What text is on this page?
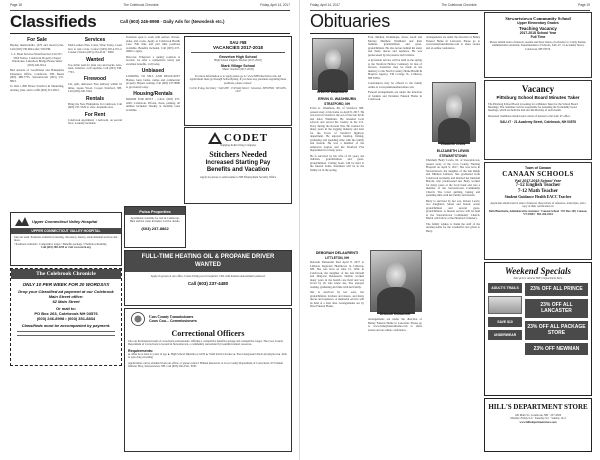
Page 18	The Colebrook Chronicle	Friday, April 14, 2017
Classifieds	Call (603) 246-8998 · Daily Ads for (Newsdesk etc.)
For Sale
Buying memorabilia, (479 and motorcycles. Call (603) 538-6924 after 5:00 PM.
L.L. Bean Services Waterfront Inc/Call 237-5364 Notice, Colebrook Property Chapel Warehouse. Lakeshore Bridge House Seller (603) 246-3014.
Bud Awards of Goodfriend and Hampshire Extension Office, Colebrook, NH. Meets (603) 488-7733. Stewartstown (603) 237-8823.
To Dial 1-800 Phone Stratford In Marketing, nursing, plan, and to refill (603) 315-0012.
Services
Mail Leaders Plus. Coins, Wine Today, Learn how to rent a ride. Contact (603) 265-4133 or Connect Station (603) 234-4124 · 3000.
Wanted
Top dollar paid for junk cars and trucks. Also, steel, batteries. Call anytime. Call (603) 538-7791.
Firewood
Cut, split, delivered. Free delivery within 10 miles. Green Wood. Cooper Stratford, NH. Call (603) 246-3344.
Rentals
Bring the New Hampshire In Colebrook. Call (603) 237-5529 to view. Available now.
For Rent
Colebrook Apartment, 1 bedroom, on second floor. Laundry included.
Positions open to work with seniors. Nurses, aides, and cooks. Apply at Colebrook Health Care. Full time and part time positions available. Benefits included. Call (603) 237-4960 to apply.
Discover. Wherever a quality position is located, we offer a competitive salary and excellent benefits. Call today.
Unbiased
LOOKING TO SELL AND RELOCATE? Homes, land, farms, camps and commercial property. Buyers waiting. Call (603) 237-8080 to get started today.
Housing/Rentals
ROOMS FOR RENT - CALL (603) 237-4220. Colebrook. Private, clean, parking, all utilities included. Weekly or monthly rates available.
SAU #58
VACANCIES 2017-2018
Groveton High School
High School English Teacher (2017-2018)
Stark Village School
Music Teacher (2017-2018)
For more information or to apply please go to: www.NHSchoolJobs.com. All applications must go through SchoolSpring. If you have any questions regarding these positions, please contact:
Carrie Irving, Secretary · SAU #58 · 15 Preble Street · Groveton, NH 03582 · 603-636-1437
CODET
Shipping & Receiving Company
Stitchers Needed
Increased Starting Pay
Benefits and Vacation
Apply in person or send resume to NH Employment Security Office
Upper Connecticut Valley Hospital
UPPER CONNECTICUT VALLEY HOSPITAL
Join our team. Positions available in nursing, laboratory, dietary, environmental services and more.
• Positions available • Competitive wages • Benefits package • Flexible scheduling
Call (603) 388-4299 or visit www.ucvh.org
FULL-TIME HEATING OIL & PROPANE DRIVER WANTED
Apply in person at our office. Clean driving record required. CDL with hazmat endorsement preferred.
Call (603) 237-4480
Pulsa Properties
Apartments available for rent in Colebrook. Heat and hot water included. Call for details.
(603) 237-8862
The Colebrook Chronicle
ONLY 10 PER WEEK FOR 20 WORDS!!!!
Drop your Classified ad payment at our Colebrook Main Street office:
62 Main Street
Or mail to:
PO Box 263, Colebrook NH 03576
(603) 246-8998 • (603) 351-8834
Classifieds must be accompanied by payment.
Coos County Commissioners
Coos Cou... Commissioners
Correctional Officers
Join our Professional team of corrections professionals. Offering a competitive benefits package and competitive wages. The Coos County Department of Corrections is located in Stewartstown, a community surrounded by beautiful natural resources.
Requirements:
► Must be at least 21 years of age ► High School Diploma or GED ► Valid driver's license ► Pass background check and physical ► Able to pass drug screening
Applications can be obtained from our office, or please contact: Human Resources at Coos County Department of Corrections, 972 Daniel Webster Hwy, Stewartstown, NH. Call (603) 246-3321. EOE.
Friday, April 14, 2017	The Colebrook Chronicle	Page 19
Obituaries
Ervin G. Washburn
ERVIN G. WASHBURN
STRATFORD, NH
Ervin G. Washburn, 86, of Stratford, NH, passed away at his home on April 8, 2017. He was born in Stratford, the son of the late Ervin and Alice Washburn. He attended local schools and served his country in the U.S. Navy during the Korean War. He worked for many years in the logging industry and later for the Town of Stratford highway department. He enjoyed hunting, fishing, gardening and spending time with his family and friends. He was a member of the American Legion and the Stratford Fire Department for many years.
He is survived by his wife of 62 years, his children, grandchildren and great-grandchildren. Calling hours will be held at the funeral home. Interment will be in the family lot in the spring.
Four children, Dominique, Jason, Geoff and Morley, Matthew Washburn and their families, grandchildren and great-grandchildren. He also leaves behind his sister and many nieces and nephews. He was predeceased by his parents and brothers.
A graveside service will be held in the spring at the Stratford Hollow Cemetery. In lieu of flowers, donations may be made in his memory to the North Country Home Health & Hospice Agency, 536 Cottage St., Littleton, NH 03561.
Condolences may be offered to the family online at www.jenkinsandnewman.com.
Funeral arrangements are under the direction of Jenkins and Newman Funeral Home in Colebrook.
Deborah Delaurenti
DEBORAH DELAURENTI
LITTLETON, NH
Deborah Delaurenti died April 8, 2017 at Littleton Regional Healthcare in Littleton, NH. She was born on June 12, 1959, in Colebrook, the daughter of the late Donald and Marjorie Delaurenti. Debbie worked many years in the health care field and was loved by all who knew her. She enjoyed reading, gardening and time with her family.
She is survived by her sons, her grandchildren, brothers and sisters, and many nieces and nephews. A memorial service will be held at a later date. Arrangements are by Ross Funeral Home.
Arrangements are under the direction of Bailey Funeral Home in Lancaster. Please go to www.baileyfuneralhome.com to share stories and an online condolence.
Arrangements are under the direction of Bailey Funeral Home in Lancaster. Please go to www.baileyfuneralhome.com to share stories and an online condolence.
Elizabeth Lewis
ELIZABETH LEWIS
STEWARTSTOWN
Elizabeth 'Betty' Lewis, 92, of Stewartstown, passed away at the Coos County Nursing Hospital on April 9, 2017. She was born in Stewartstown, the daughter of the late Ralph and Mildred Johnson. She graduated from Colebrook Academy and married her husband Harold, who predeceased her. Betty worked for many years at the local bank and was a member of the Stewartstown Community Church. She loved quilting, baking and spending time with her family and friends.
Betty is survived by her son, Robert Lewis; two daughters, Susan and Karen; seven grandchildren and several great-grandchildren. A funeral service will be held at the Stewartstown Community Church. Burial will follow at the Hereford Cemetery.
The family wishes to thank the staff of the nursing home for the wonderful care given to Betty.
Stewartstown Community School
Upper Elementary Grades
Teaching Vacancy
2017-2018 School Year
Full Time
Please submit letter of interest, resume and three letters of reference to: Cindy Kumar, Administrative Assistant, Superintendent of Schools, SAU #7, 21 Academy Street, Colebrook, NH 03576.
Vacancy
Pittsburg School Board Minutes Taker
The Pittsburg School Board is looking for a Minutes Taker for the School Board Meetings. The candidate will be responsible for attending the bi-monthly board meetings, which are held the 2nd and 4th Monday of each month.
Interested candidates should send a letter of interest to the SAU #7 office.
SAU #7 · 21 Academy Street, Colebrook, NH 03576
Town of Canaan
CANAAN SCHOOLS
Fall 2017-2018 School Year
7-12 English Teacher
7-12 Math Teacher
Student Guidance Health EACC Teacher
Applicants should send a letter of interest, three letters of reference, transcripts, and a copy of their certification to:
Beth Blanchette, Administrative Assistant · Canaan School · PO Box 100, Canaan, VT 05903 · 802-266-8104
Weekend Specials
Sale prices valid at Hill's Department Store
ADULT'S TRAILS
SAVE $10
UNDERWEAR
23% OFF ALL PRINCE
23% OFF ALL LANCASTER
23% OFF ALL PACKAGE STORE
23% OFF NEWMAN
HILL'S DEPARTMENT STORE
100 Main St., Colebrook, NH · 237-4300
Monday-Friday 9-6 · Saturday 9-5 · Sunday 10-4
www.hillsdepartmentstore.com
